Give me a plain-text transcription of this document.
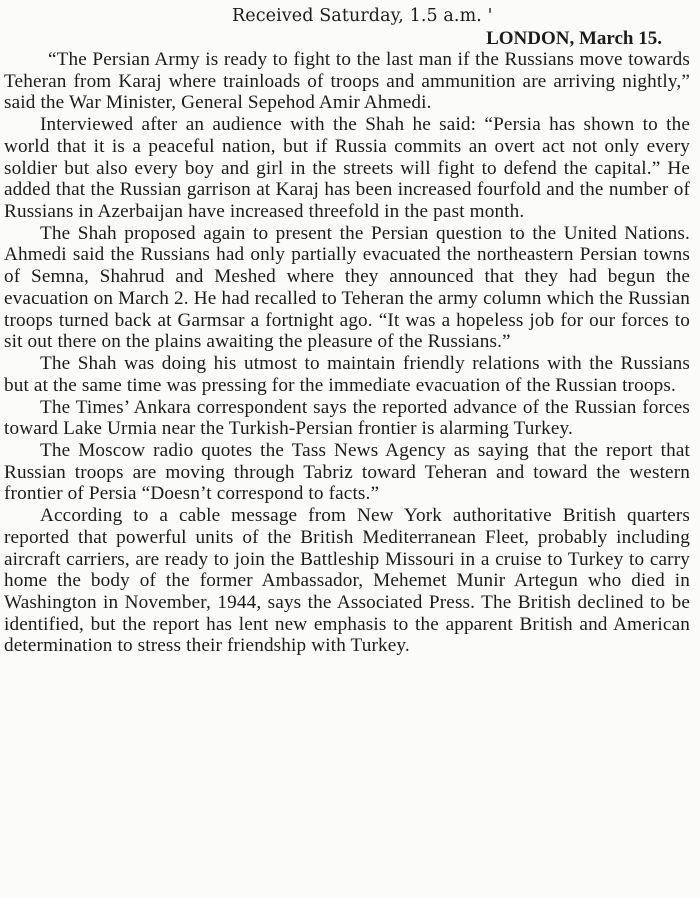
Received Saturday, 1.5 a.m. '
LONDON, March 15.

“The Persian Army is ready to fight to the last man if the Russians move towards Teheran from Karaj where trainloads of troops and ammunition are arriving nightly,” said the War Minister, General Sepehod Amir Ahmedi.

Interviewed after an audience with the Shah he said: “Persia has shown to the world that it is a peaceful nation, but if Russia commits an overt act not only every soldier but also every boy and girl in the streets will fight to defend the capital.” He added that the Russian garrison at Karaj has been increased fourfold and the number of Russians in Azerbaijan have increased threefold in the past month.

The Shah proposed again to present the Persian question to the United Nations. Ahmedi said the Russians had only partially evacuated the northeastern Persian towns of Semna, Shahrud and Meshed where they announced that they had begun the evacuation on March 2. He had recalled to Teheran the army column which the Russian troops turned back at Garmsar a fortnight ago. “It was a hopeless job for our forces to sit out there on the plains awaiting the pleasure of the Russians.”

The Shah was doing his utmost to maintain friendly relations with the Russians but at the same time was pressing for the immediate evacuation of the Russian troops.

The Times’ Ankara correspondent says the reported advance of the Russian forces toward Lake Urmia near the Turkish-Persian frontier is alarming Turkey.

The Moscow radio quotes the Tass News Agency as saying that the report that Russian troops are moving through Tabriz toward Teheran and toward the western frontier of Persia “Doesn’t correspond to facts.”

According to a cable message from New York authoritative British quarters reported that powerful units of the British Mediterranean Fleet, probably including aircraft carriers, are ready to join the Battleship Missouri in a cruise to Turkey to carry home the body of the former Ambassador, Mehemet Munir Artegun who died in Washington in November, 1944, says the Associated Press. The British declined to be identified, but the report has lent new emphasis to the apparent British and American determination to stress their friendship with Turkey.
